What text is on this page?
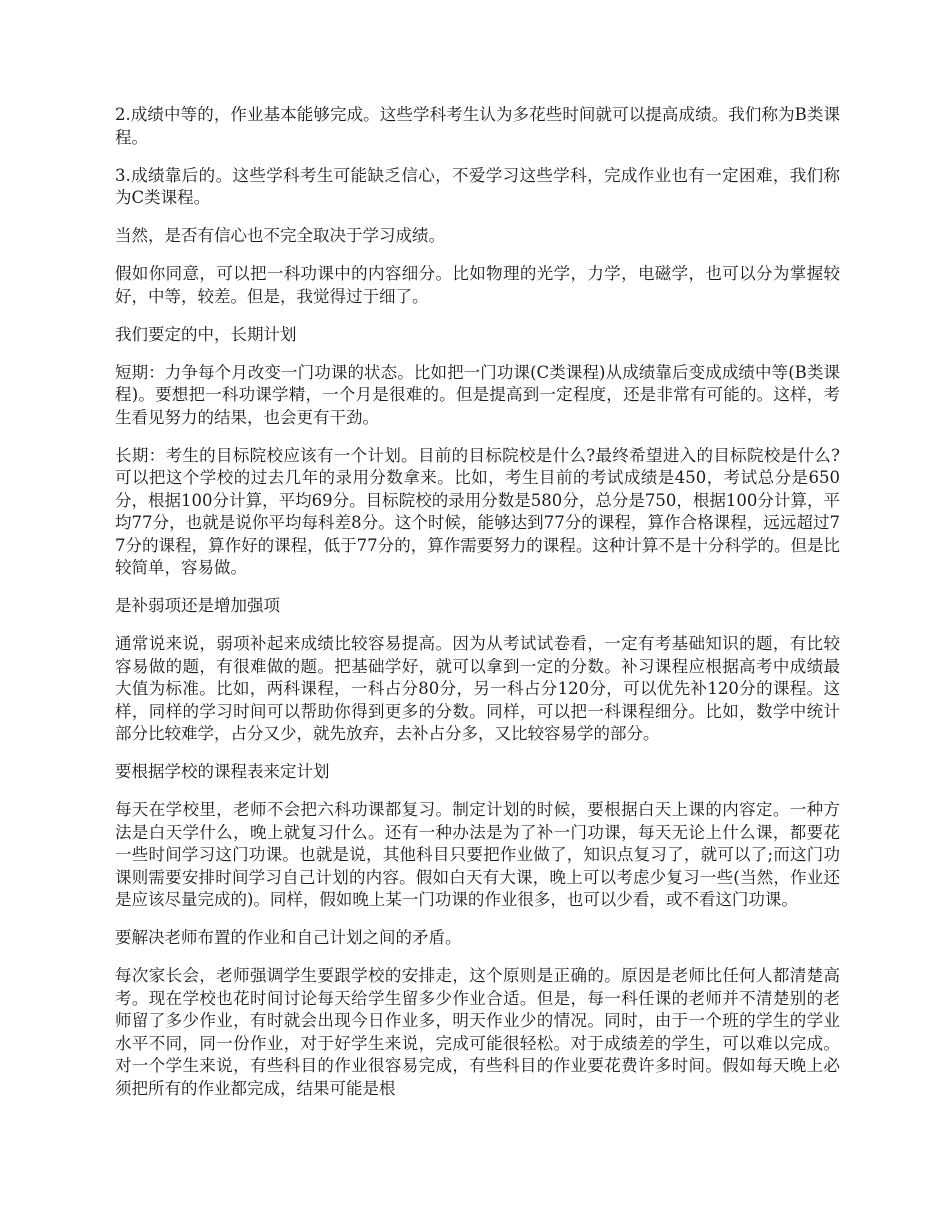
2.成绩中等的，作业基本能够完成。这些学科考生认为多花些时间就可以提高成绩。我们称为B类课程。

3.成绩靠后的。这些学科考生可能缺乏信心，不爱学习这些学科，完成作业也有一定困难，我们称为C类课程。

当然，是否有信心也不完全取决于学习成绩。

假如你同意，可以把一科功课中的内容细分。比如物理的光学，力学，电磁学，也可以分为掌握较好，中等，较差。但是，我觉得过于细了。

我们要定的中，长期计划

短期：力争每个月改变一门功课的状态。比如把一门功课(C类课程)从成绩靠后变成成绩中等(B类课程)。要想把一科功课学精，一个月是很难的。但是提高到一定程度，还是非常有可能的。这样，考生看见努力的结果，也会更有干劲。

长期：考生的目标院校应该有一个计划。目前的目标院校是什么?最终希望进入的目标院校是什么?可以把这个学校的过去几年的录用分数拿来。比如，考生目前的考试成绩是450，考试总分是650分，根据100分计算，平均69分。目标院校的录用分数是580分，总分是750，根据100分计算，平均77分，也就是说你平均每科差8分。这个时候，能够达到77分的课程，算作合格课程，远远超过77分的课程，算作好的课程，低于77分的，算作需要努力的课程。这种计算不是十分科学的。但是比较简单，容易做。

是补弱项还是增加强项

通常说来说，弱项补起来成绩比较容易提高。因为从考试试卷看，一定有考基础知识的题，有比较容易做的题，有很难做的题。把基础学好，就可以拿到一定的分数。补习课程应根据高考中成绩最大值为标准。比如，两科课程，一科占分80分，另一科占分120分，可以优先补120分的课程。这样，同样的学习时间可以帮助你得到更多的分数。同样，可以把一科课程细分。比如，数学中统计部分比较难学，占分又少，就先放弃，去补占分多，又比较容易学的部分。

要根据学校的课程表来定计划

每天在学校里，老师不会把六科功课都复习。制定计划的时候，要根据白天上课的内容定。一种方法是白天学什么，晚上就复习什么。还有一种办法是为了补一门功课，每天无论上什么课，都要花一些时间学习这门功课。也就是说，其他科目只要把作业做了，知识点复习了，就可以了;而这门功课则需要安排时间学习自己计划的内容。假如白天有大课，晚上可以考虑少复习一些(当然，作业还是应该尽量完成的)。同样，假如晚上某一门功课的作业很多，也可以少看，或不看这门功课。

要解决老师布置的作业和自己计划之间的矛盾。

每次家长会，老师强调学生要跟学校的安排走，这个原则是正确的。原因是老师比任何人都清楚高考。现在学校也花时间讨论每天给学生留多少作业合适。但是，每一科任课的老师并不清楚别的老师留了多少作业，有时就会出现今日作业多，明天作业少的情况。同时，由于一个班的学生的学业水平不同，同一份作业，对于好学生来说，完成可能很轻松。对于成绩差的学生，可以难以完成。对一个学生来说，有些科目的作业很容易完成，有些科目的作业要花费许多时间。假如每天晚上必须把所有的作业都完成，结果可能是根
